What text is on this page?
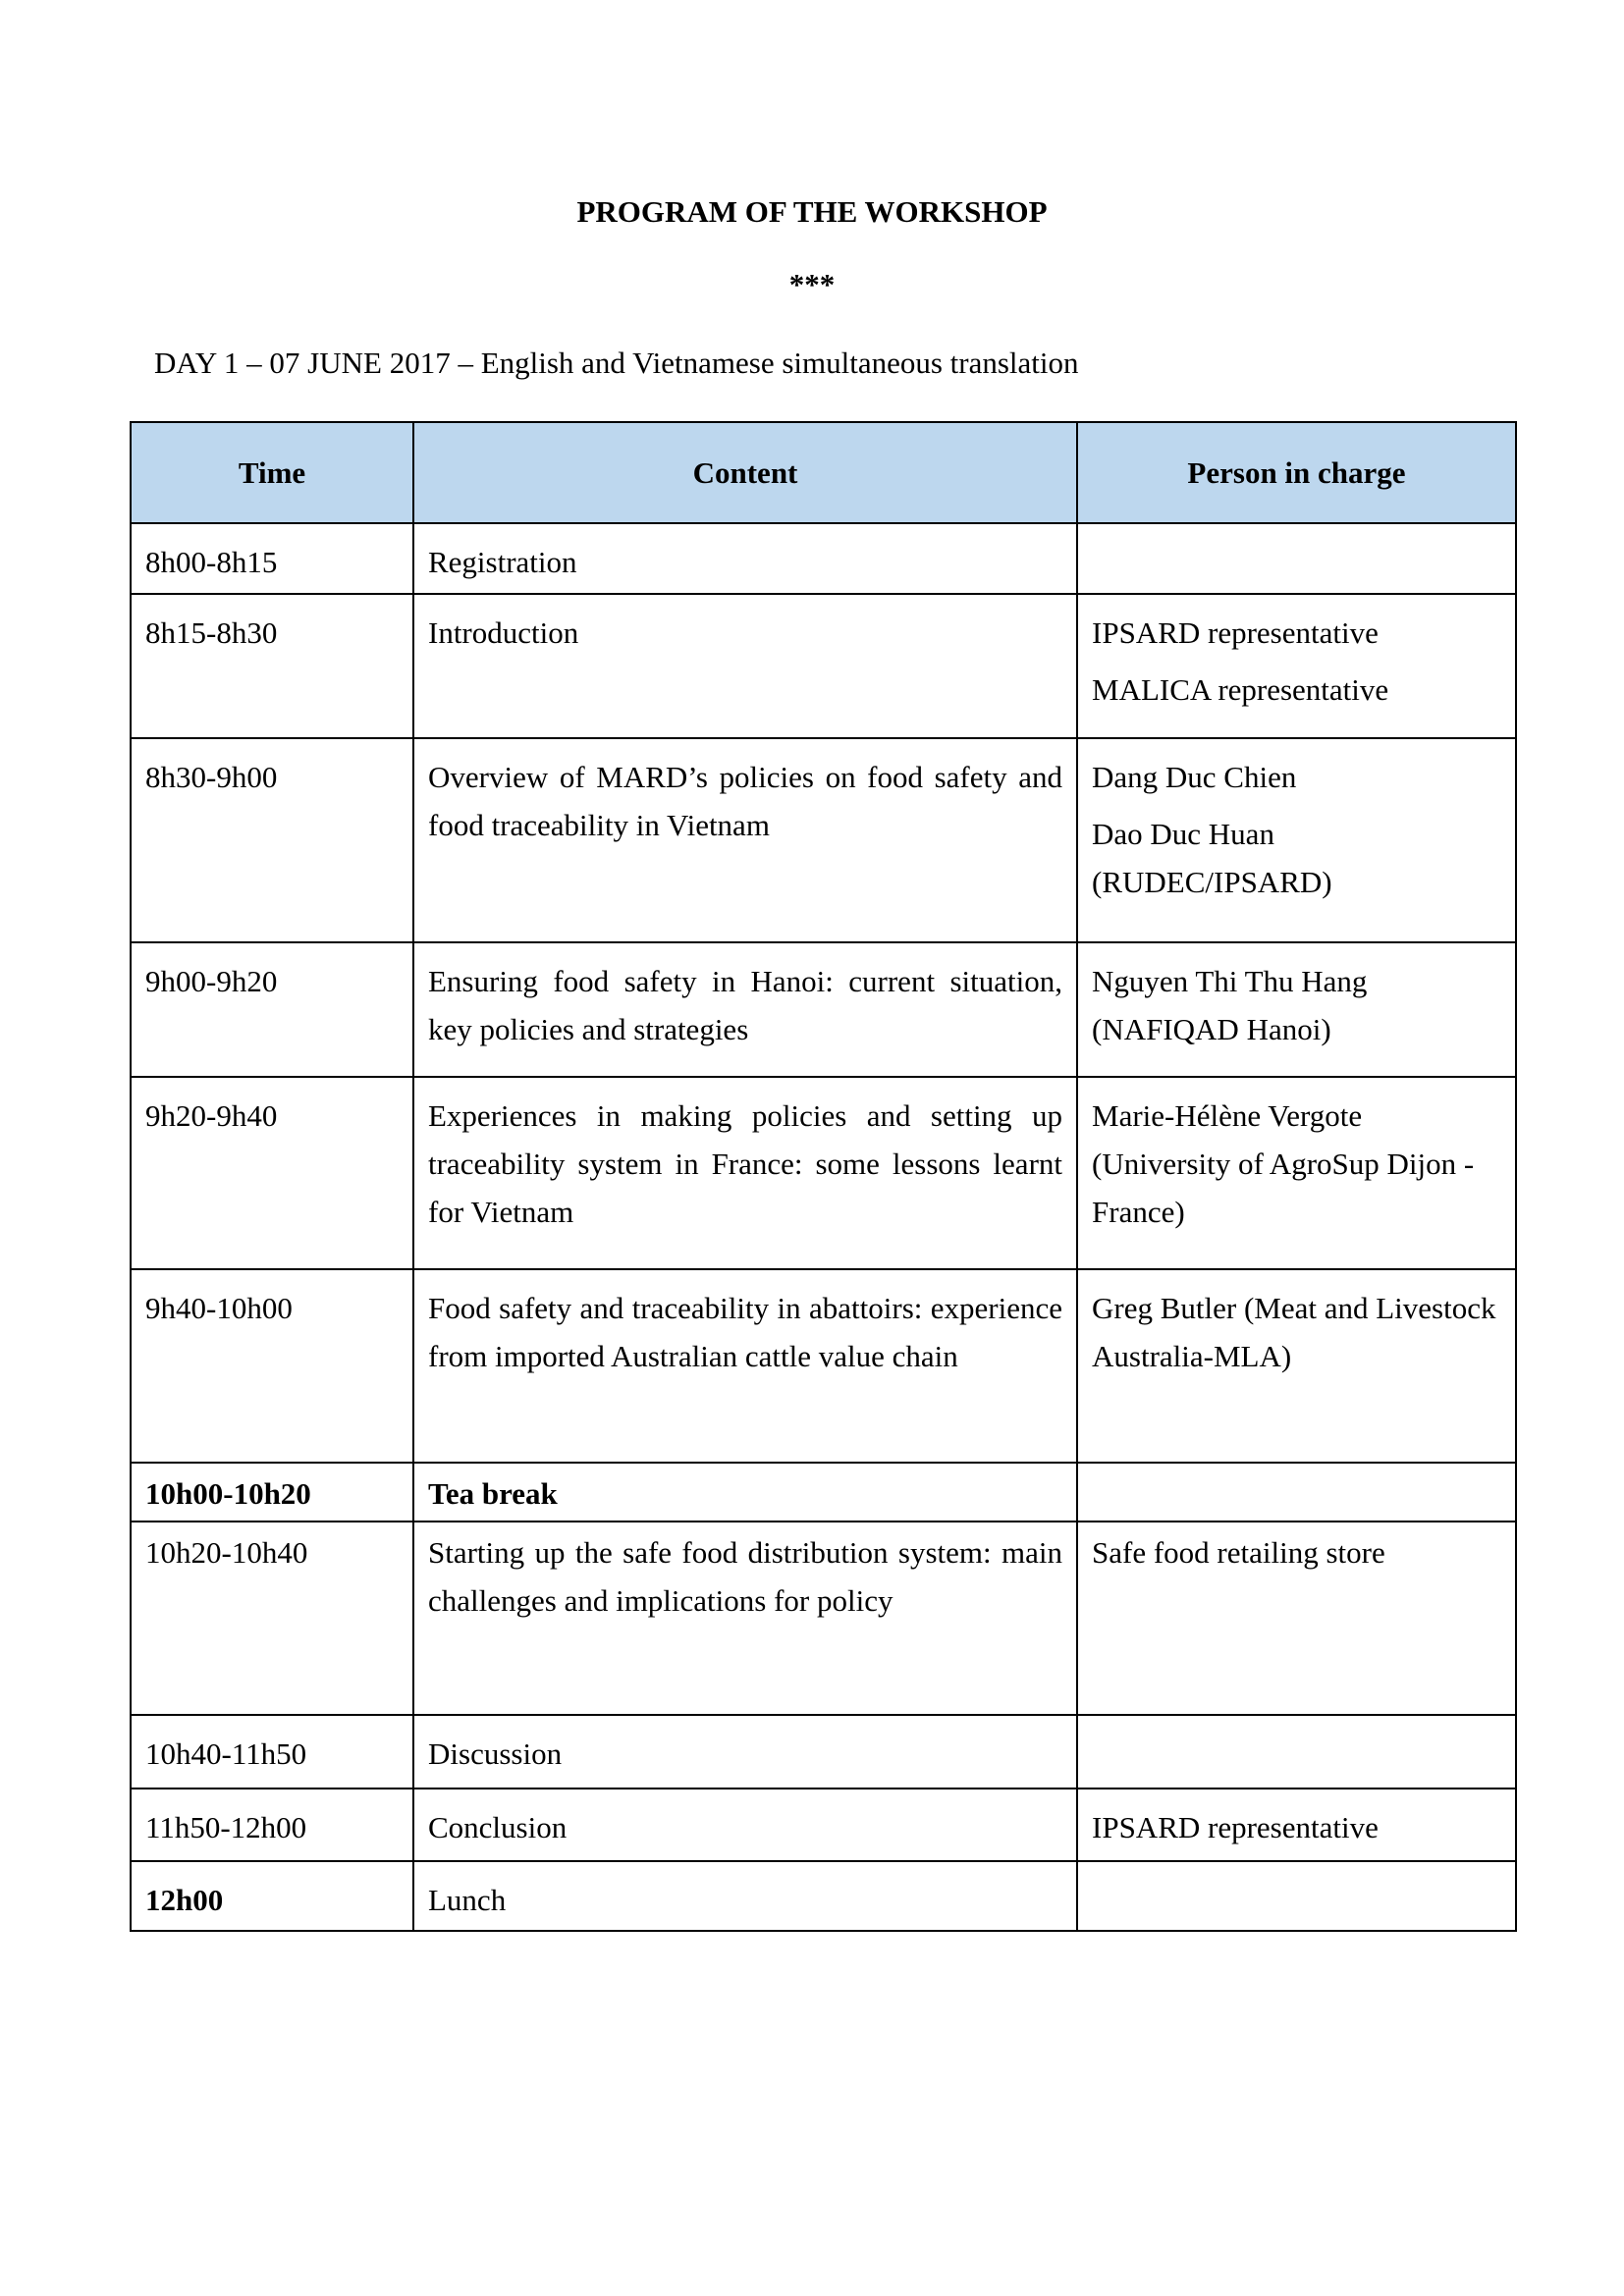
PROGRAM OF THE WORKSHOP
***
DAY 1 – 07 JUNE 2017 – English and Vietnamese simultaneous translation
Time	Content	Person in charge
8h00-8h15	Registration	
8h15-8h30	Introduction	IPSARD representative
MALICA representative

8h30-9h00	Overview of MARD’s policies on food safety and food traceability in Vietnam	Dang Duc Chien
Dao Duc Huan (RUDEC/IPSARD)

9h00-9h20	Ensuring food safety in Hanoi: current situation, key policies and strategies	Nguyen Thi Thu Hang (NAFIQAD Hanoi)

9h20-9h40	Experiences in making policies and setting up traceability system in France: some lessons learnt for Vietnam	Marie-Hélène Vergote (University of AgroSup Dijon - France)

9h40-10h00	Food safety and traceability in abattoirs: experience from imported Australian cattle value chain	Greg Butler (Meat and Livestock Australia-MLA)

10h00-10h20	Tea break	
10h20-10h40	Starting up the safe food distribution system: main challenges and implications for policy	Safe food retailing store

10h40-11h50	Discussion	
11h50-12h00	Conclusion	IPSARD representative

12h00	Lunch	
